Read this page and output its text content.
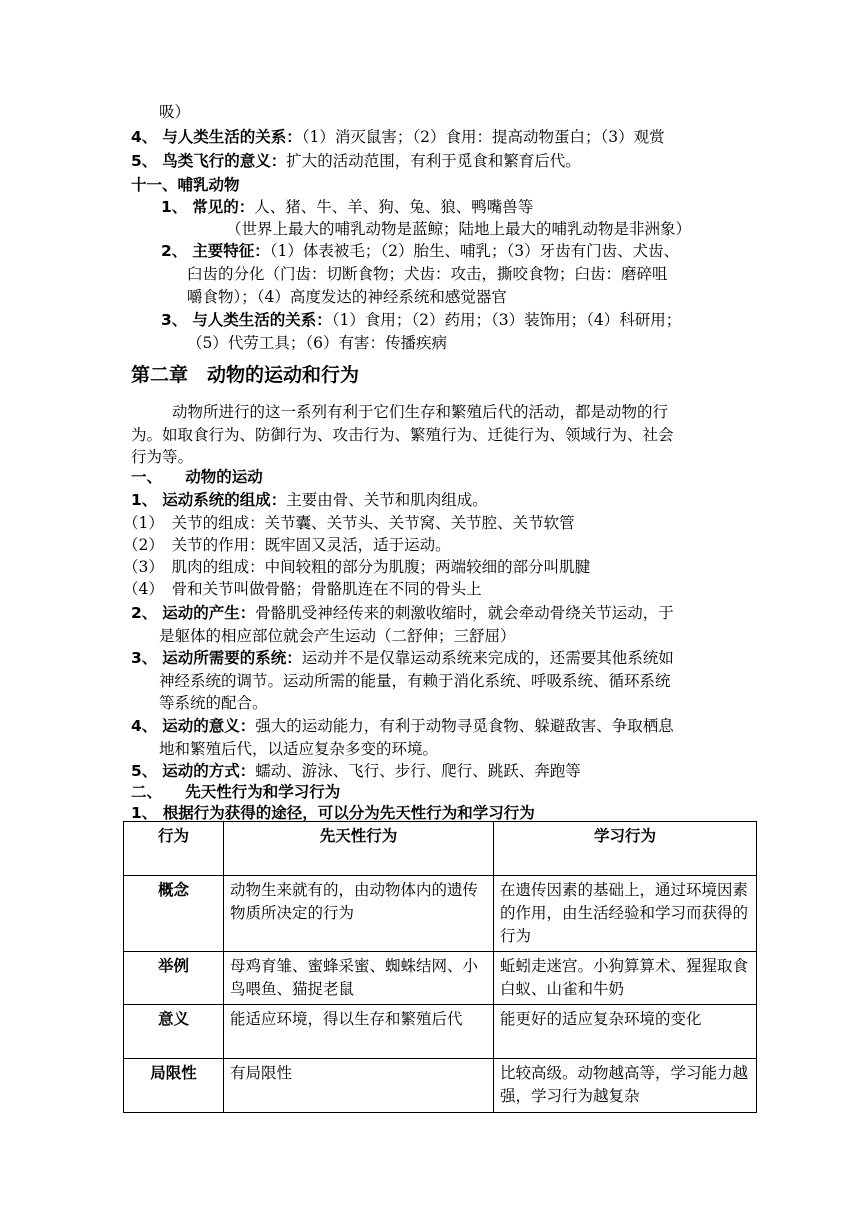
吸）
4、 与人类生活的关系：（1）消灭鼠害；（2）食用：提高动物蛋白；（3）观赏
5、 鸟类飞行的意义：扩大的活动范围，有利于觅食和繁育后代。
十一、哺乳动物
1、 常见的：人、猪、牛、羊、狗、兔、狼、鸭嘴兽等
（世界上最大的哺乳动物是蓝鲸；陆地上最大的哺乳动物是非洲象）
2、 主要特征：（1）体表被毛；（2）胎生、哺乳；（3）牙齿有门齿、犬齿、
臼齿的分化（门齿：切断食物；犬齿：攻击，撕咬食物；臼齿：磨碎咀
嚼食物）；（4）高度发达的神经系统和感觉器官
3、 与人类生活的关系：（1）食用；（2）药用；（3）装饰用；（4）科研用；
（5）代劳工具；（6）有害：传播疾病
第二章　动物的运动和行为
动物所进行的这一系列有利于它们生存和繁殖后代的活动，都是动物的行
为。如取食行为、防御行为、攻击行为、繁殖行为、迁徙行为、领域行为、社会
行为等。
一、   动物的运动
1、 运动系统的组成：主要由骨、关节和肌肉组成。
（1）　关节的组成：关节囊、关节头、关节窝、关节腔、关节软管
（2）　关节的作用：既牢固又灵活，适于运动。
（3）　肌肉的组成：中间较粗的部分为肌腹；两端较细的部分叫肌腱
（4）　骨和关节叫做骨骼；骨骼肌连在不同的骨头上
2、 运动的产生：骨骼肌受神经传来的刺激收缩时，就会牵动骨绕关节运动，于
是躯体的相应部位就会产生运动（二舒伸；三舒屈）
3、 运动所需要的系统：运动并不是仅靠运动系统来完成的，还需要其他系统如
神经系统的调节。运动所需的能量，有赖于消化系统、呼吸系统、循环系统
等系统的配合。
4、 运动的意义：强大的运动能力，有利于动物寻觅食物、躲避敌害、争取栖息
地和繁殖后代，以适应复杂多变的环境。
5、 运动的方式：蠕动、游泳、飞行、步行、爬行、跳跃、奔跑等
二、   先天性行为和学习行为
1、 根据行为获得的途径，可以分为先天性行为和学习行为
行为	先天性行为	学习行为
概念	动物生来就有的，由动物体内的遗传物质所决定的行为	在遗传因素的基础上，通过环境因素的作用，由生活经验和学习而获得的行为
举例	母鸡育雏、蜜蜂采蜜、蜘蛛结网、小鸟喂鱼、猫捉老鼠	蚯蚓走迷宫。小狗算算术、猩猩取食白蚁、山雀和牛奶
意义	能适应环境，得以生存和繁殖后代	能更好的适应复杂环境的变化
局限性	有局限性	比较高级。动物越高等，学习能力越强，学习行为越复杂
